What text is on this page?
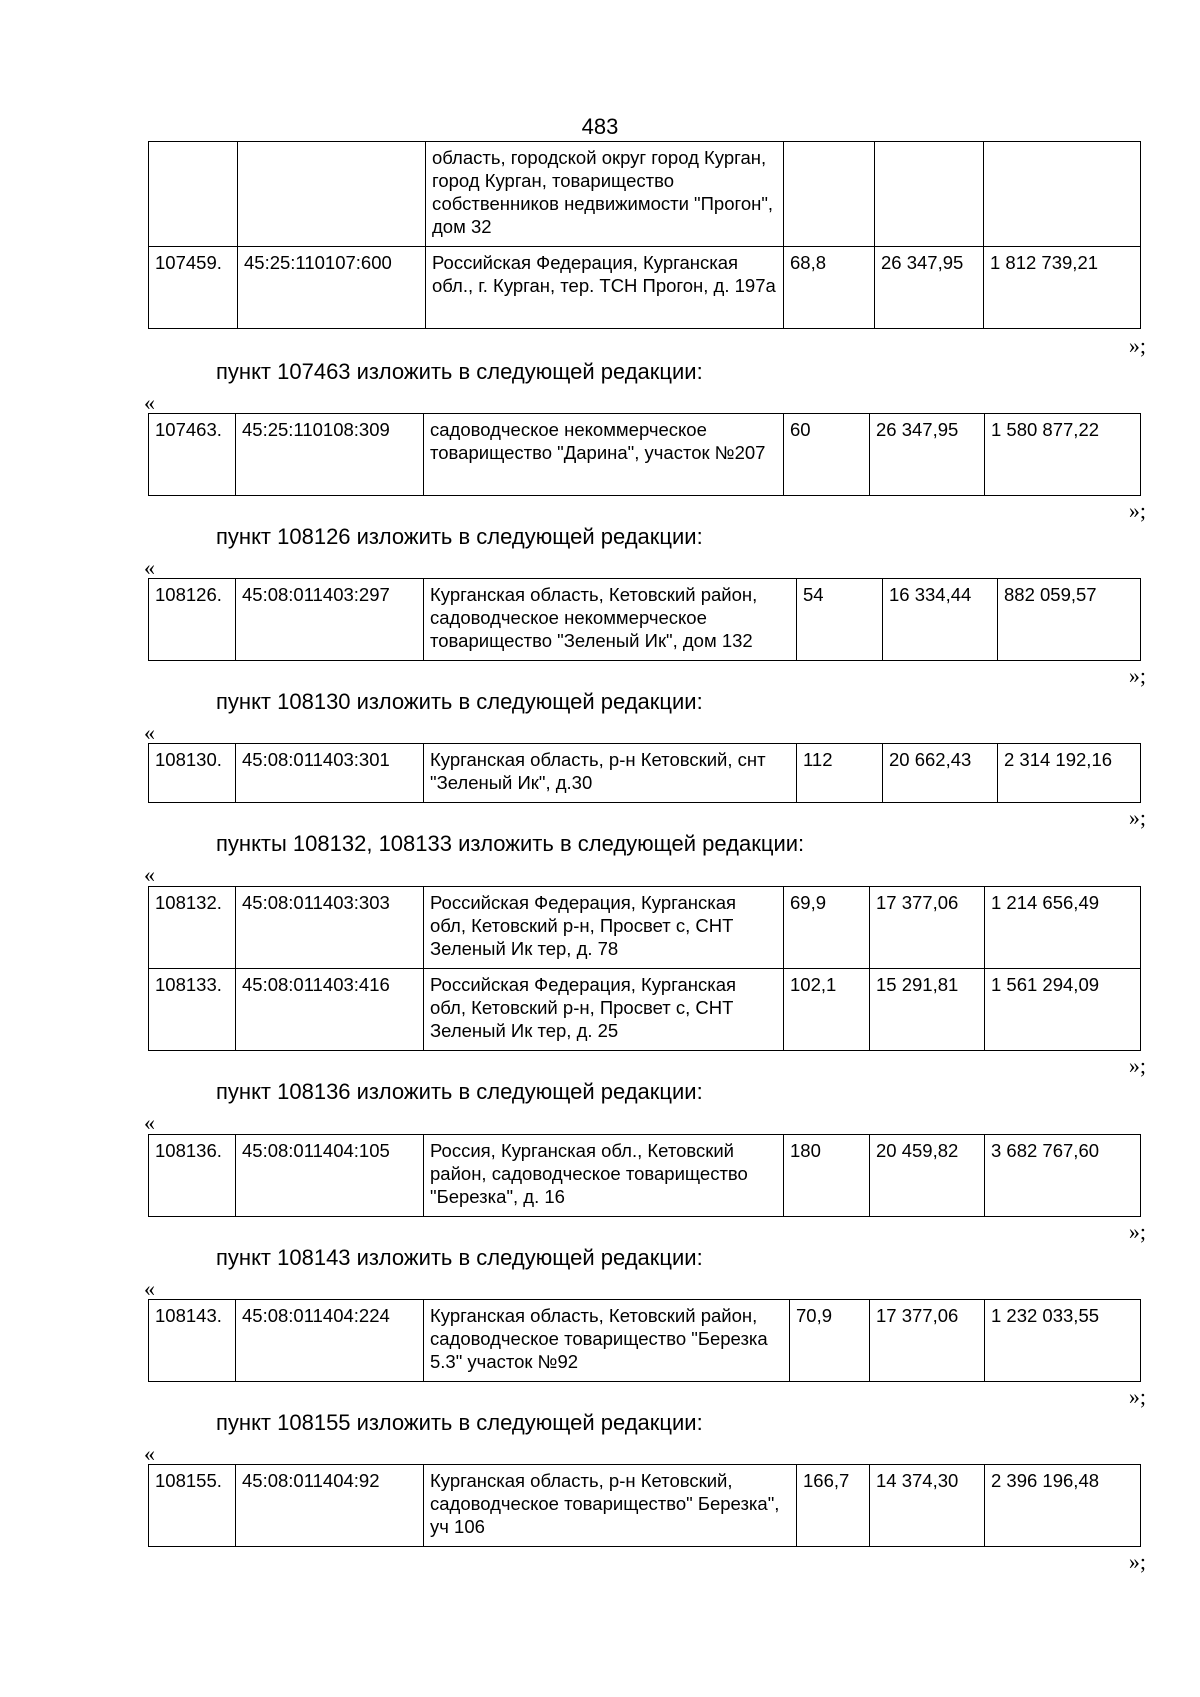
483
		область, городской округ город Курган, город Курган, товарищество собственников недвижимости "Прогон", дом 32			
107459.	45:25:110107:600	Российская Федерация, Курганская обл., г. Курган, тер. ТСН Прогон, д. 197а	68,8	26 347,95	1 812 739,21
»;
пункт 107463 изложить в следующей редакции:
«
107463.	45:25:110108:309	садоводческое некоммерческое товарищество "Дарина", участок №207	60	26 347,95	1 580 877,22
»;
пункт 108126 изложить в следующей редакции:
«
108126.	45:08:011403:297	Курганская область, Кетовский район, садоводческое некоммерческое товарищество "Зеленый Ик", дом 132	54	16 334,44	882 059,57
»;
пункт 108130 изложить в следующей редакции:
«
108130.	45:08:011403:301	Курганская область, р-н Кетовский, снт "Зеленый Ик", д.30	112	20 662,43	2 314 192,16
»;
пункты 108132, 108133 изложить в следующей редакции:
«
108132.	45:08:011403:303	Российская Федерация, Курганская обл, Кетовский р-н, Просвет с, СНТ Зеленый Ик тер, д. 78	69,9	17 377,06	1 214 656,49
108133.	45:08:011403:416	Российская Федерация, Курганская обл, Кетовский р-н, Просвет с, СНТ Зеленый Ик тер, д. 25	102,1	15 291,81	1 561 294,09
»;
пункт 108136 изложить в следующей редакции:
«
108136.	45:08:011404:105	Россия, Курганская обл., Кетовский район, садоводческое товарищество "Березка", д. 16	180	20 459,82	3 682 767,60
»;
пункт 108143 изложить в следующей редакции:
«
108143.	45:08:011404:224	Курганская область, Кетовский район, садоводческое товарищество "Березка 5.3" участок №92	70,9	17 377,06	1 232 033,55
»;
пункт 108155 изложить в следующей редакции:
«
108155.	45:08:011404:92	Курганская область, р-н Кетовский, садоводческое товарищество" Березка", уч 106	166,7	14 374,30	2 396 196,48
»;
